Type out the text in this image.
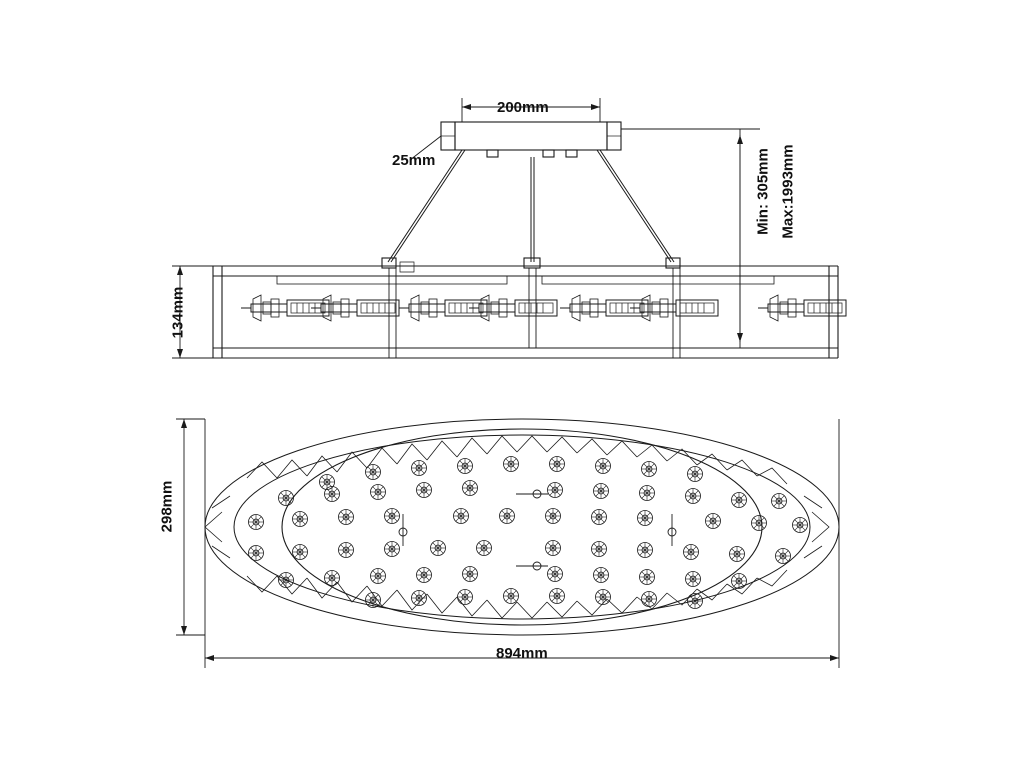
200mm
25mm	Min: 305mm Max:1993mm
134mm
298mm
894mm
